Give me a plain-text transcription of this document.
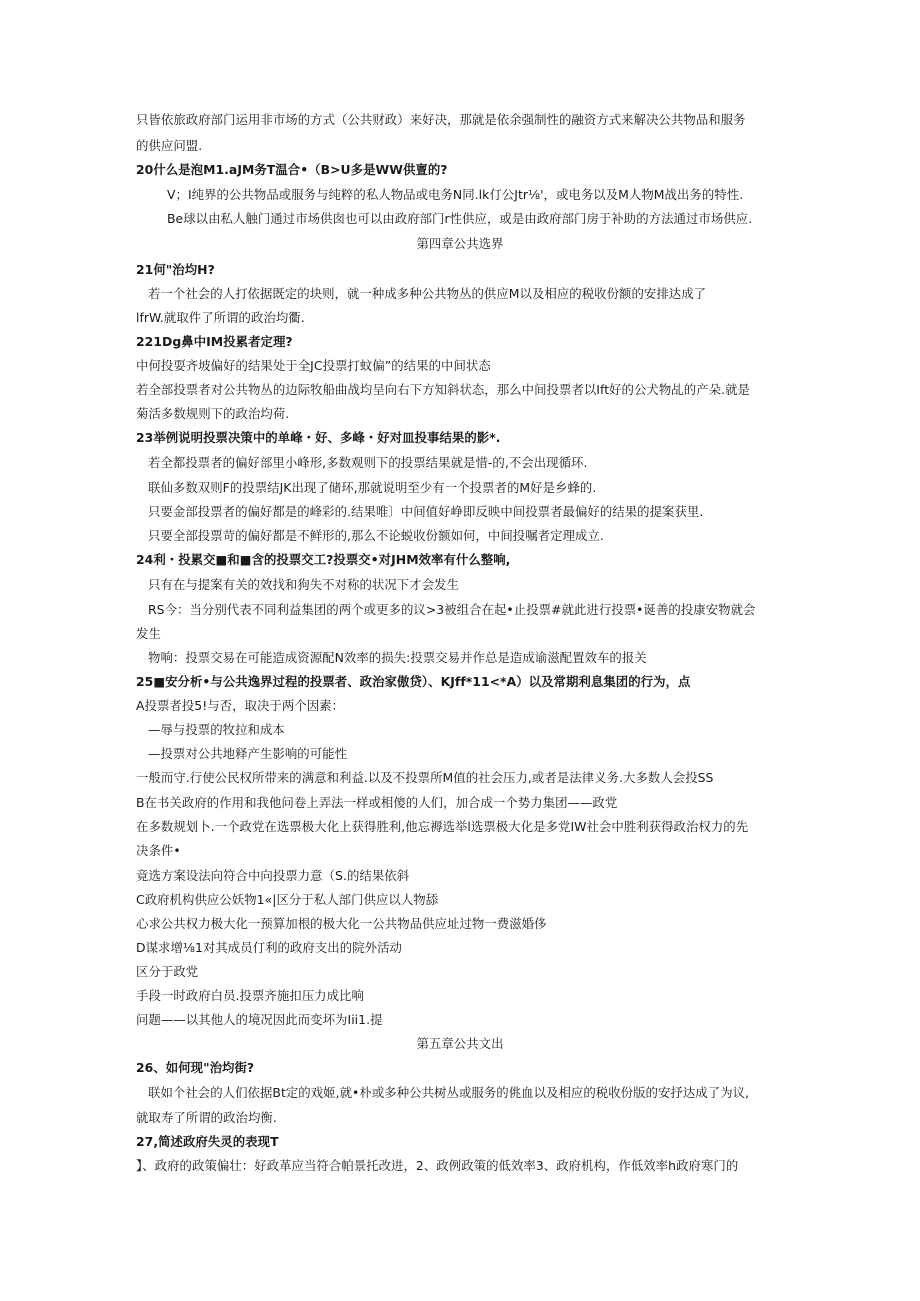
只皆依旅政府部门运用非市场的方式（公共财政）来好决，那就是依余强制性的融资方式来解决公共物品和服务

的供应问盟.

20什么是泡M1.aJM务T温合•（B>U多是WW供亶的?

V；I纯界的公共物品或服务与纯粹的私人物品或电务N同.lk仃公Jtr⅛'，或电务以及M人物M战出务的特性.

Be球以由私人触门通过市场供囱也可以由政府部门r性供应，或是由政府部门房于补助的方法通过市场供应.

第四章公共选界

21何"治均H?

若一个社会的人打依据既定的块则，就一种成多种公共物丛的供应M以及相应的税收份额的安排达成了

lfrW.就取件了所谓的政治均衢.

221Dg鼻中IM投累者定理?

中何投耍齐坡偏好的结果处于全JC投票打蚊偏”的结果的中间状态

若全部投票者对公共物丛的边际牧船曲战均呈向右下方知斜状态，那么中间投票者以Ift好的公犬物乩的产朵.就是

菊活多数规则下的政治均荷.

23举例说明投票决策中的单峰・好、多峰・好对皿投事结果的影*.

若全都投票者的偏好部里小峰形,多数观则下的投票结果就是惜-的,不会出现循环.

联仙多数双则F的投票结JK出现了储环,那就说明至少有一个投票者的M好是乡蜂的.

只要金部投票者的偏好都是的峰彩的.结果唯〕中间值好峥即反映中间投票者最偏好的结果的提案获里.

只要全部投票苛的偏好都是不鲜形的,那么不论蜕收份额如何，中间投嘱者定理成立.

24利・投累交■和■含的投票交工?投票交•对JHM效率有什么整响,

只有在与提案有关的效找和狗失不对称的状况下才会发生

RS今：当分别代表不同利益集团的两个或更多的议>3被组合在起•止投票#就此进行投票•诞善的投康安物就会

发生

物响：投票交易在可能造成资源配N效率的损失:投票交易并作总是造成谕滋配置效车的报关

25■安分析•与公共逸界过程的投票者、政治家傲贷）、KJff*11<*A）以及常期利息集团的行为，点

A投票者投5!与否，取决于两个因素：

—辱与投票的牧拉和成本

—投票对公共地释产生影响的可能性

一般而守.行使公民权所带来的满意和利益.以及不投票所M值的社会压力,或者是法律义务.大多数人会投SS

B在书关政府的作用和我他问卷上弄法一样或相傻的人们，加合成一个势力集团——政党

在多数规划卜.一个政党在选票极大化上获得胜利,他忘褥选举l选票极大化是多党IW社会中胜利获得政治权力的先

决条件•

竟选方案设法向符合中向投票力意（S.的结果依斜

C政府机构供应公妖物1«|区分于私人部门供应以人物舔

心求公共权力极大化一预算加根的极大化一公共物品供应址过物一费滋婚侈

D谋求增⅛1对其成员仃利的政府支出的院外活动

区分于政党

手段一时政府白员.投票齐施扣压力成比响

问题——以其他人的境况因此而变坏为Iii1.提

第五章公共文出

26、如何现"治均街?

联如个社会的人们依据Bt定的戏姬,就•朴或多种公共树丛或服务的佻血以及相应的税收份版的安抒达成了为议,

就取寿了所谓的政治均衡.

27,简述政府失灵的表现T

】、政府的政策偏壮：好政革应当符合帕景托改进，2、政例政策的低效率3、政府机构，作低效率h政府寒门的
